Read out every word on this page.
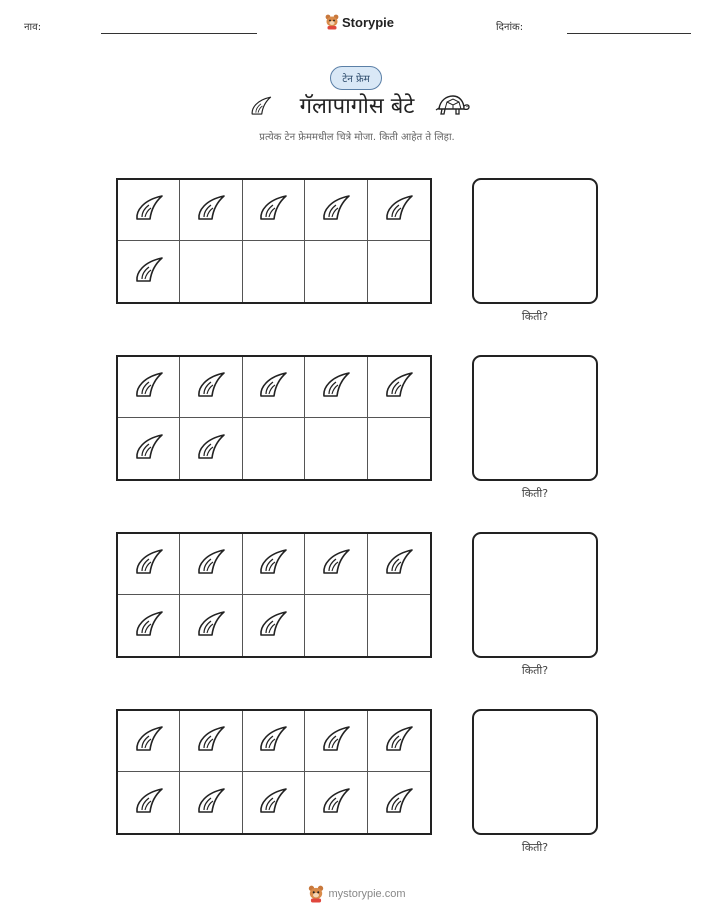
नाव:	Storypie	दिनांक:
टेन फ्रेम
गॅलापागोस बेटे
प्रत्येक टेन फ्रेममधील चित्रे मोजा. किती आहेत ते लिहा.
किती?
किती?
किती?
किती?
mystorypie.com
